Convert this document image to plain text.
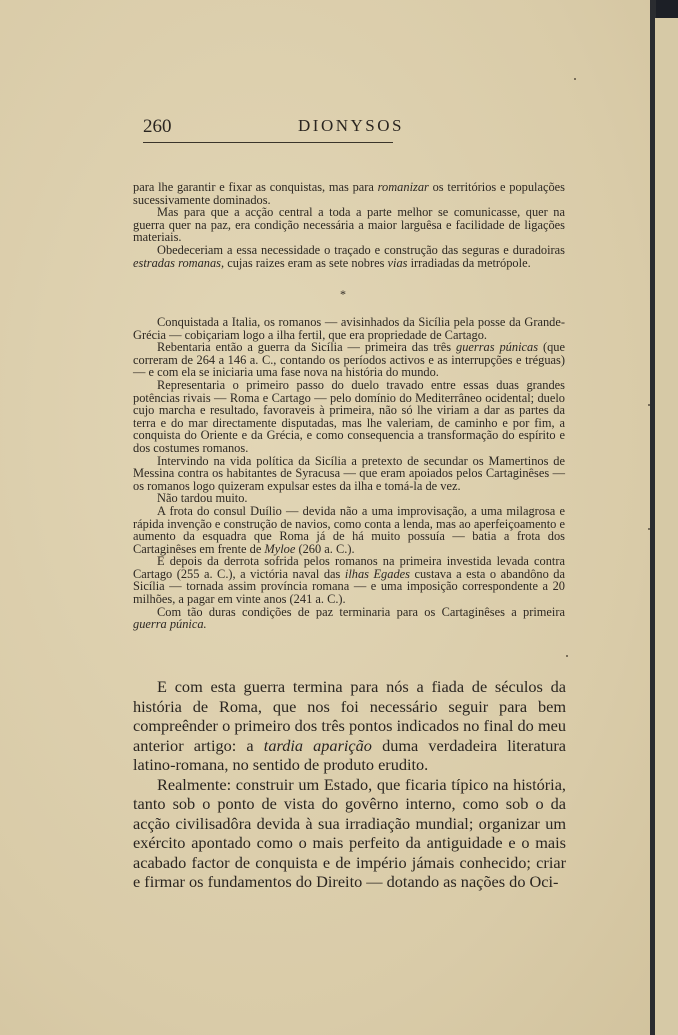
260	DIONYSOS

para lhe garantir e fixar as conquistas, mas para romanizar os territórios e populações sucessivamente dominados.

Mas para que a acção central a toda a parte melhor se comunicasse, quer na guerra quer na paz, era condição necessária a maior larguêsa e facilidade de ligações materiais.

Obedeceriam a essa necessidade o traçado e construção das seguras e duradoiras estradas romanas, cujas raizes eram as sete nobres vias irradiadas da metrópole.

*

Conquistada a Italia, os romanos — avisinhados da Sicília pela posse da Grande-Grécia — cobiçariam logo a ilha fertil, que era propriedade de Cartago.

Rebentaria então a guerra da Sicília — primeira das três guerras púnicas (que correram de 264 a 146 a. C., contando os períodos activos e as interrupções e tréguas) — e com ela se iniciaria uma fase nova na história do mundo.

Representaria o primeiro passo do duelo travado entre essas duas grandes potências rivais — Roma e Cartago — pelo domínio do Mediterrâneo ocidental; duelo cujo marcha e resultado, favoraveis à primeira, não só lhe viriam a dar as partes da terra e do mar directamente disputadas, mas lhe valeriam, de caminho e por fim, a conquista do Oriente e da Grécia, e como consequencia a transformação do espírito e dos costumes romanos.

Intervindo na vida política da Sicília a pretexto de secundar os Mamertinos de Messina contra os habitantes de Syracusa — que eram apoiados pelos Cartaginêses — os romanos logo quizeram expulsar estes da ilha e tomá-la de vez.

Não tardou muito.

A frota do consul Duílio — devida não a uma improvisação, a uma milagrosa e rápida invenção e construção de navios, como conta a lenda, mas ao aperfeiçoamento e aumento da esquadra que Roma já de há muito possuía — batia a frota dos Cartaginêses em frente de Myloe (260 a. C.).

E depois da derrota sofrida pelos romanos na primeira investida levada contra Cartago (255 a. C.), a victória naval das ilhas Egades custava a esta o abandôno da Sicília — tornada assim província romana — e uma imposição correspondente a 20 milhões, a pagar em vinte anos (241 a. C.).

Com tão duras condições de paz terminaria para os Cartaginêses a primeira guerra púnica.

E com esta guerra termina para nós a fiada de séculos da história de Roma, que nos foi necessário seguir para bem compreênder o primeiro dos três pontos indicados no final do meu anterior artigo: a tardia aparição duma verdadeira literatura latino-romana, no sentido de produto erudito.

Realmente: construir um Estado, que ficaria típico na história, tanto sob o ponto de vista do govêrno interno, como sob o da acção civilisadôra devida à sua irradiação mundial; organizar um exército apontado como o mais perfeito da antiguidade e o mais acabado factor de conquista e de império jámais conhecido; criar e firmar os fundamentos do Direito — dotando as nações do Oci-
